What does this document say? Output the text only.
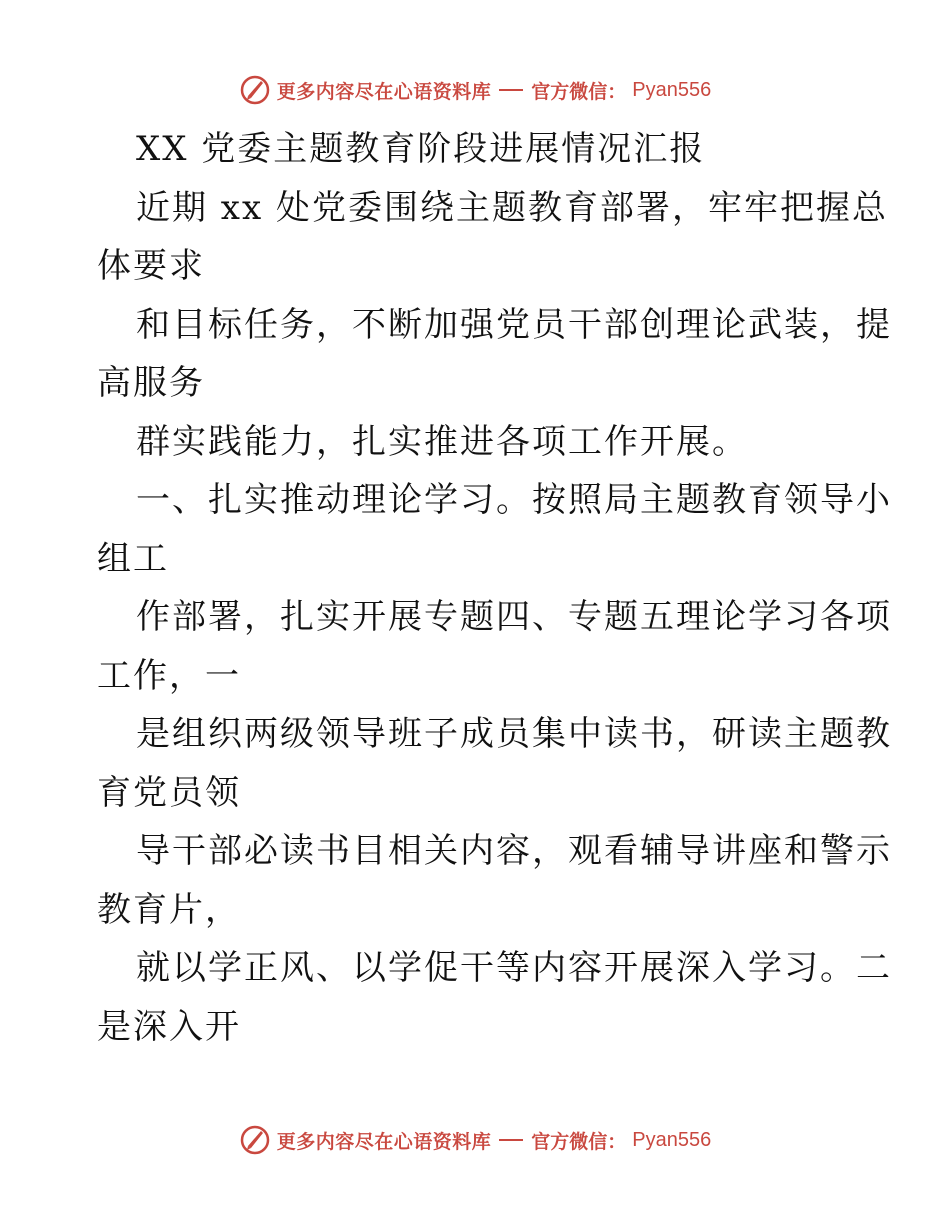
更多内容尽在心语资料库 官方微信： Pyan556
XX 党委主题教育阶段进展情况汇报
近期 xx 处党委围绕主题教育部署，牢牢把握总
体要求
和目标任务，不断加强党员干部创理论武装，提
高服务
群实践能力，扎实推进各项工作开展。
一、扎实推动理论学习。按照局主题教育领导小
组工
作部署，扎实开展专题四、专题五理论学习各项
工作，一
是组织两级领导班子成员集中读书，研读主题教
育党员领
导干部必读书目相关内容，观看辅导讲座和警示
教育片，
就以学正风、以学促干等内容开展深入学习。二
是深入开
更多内容尽在心语资料库 官方微信： Pyan556
